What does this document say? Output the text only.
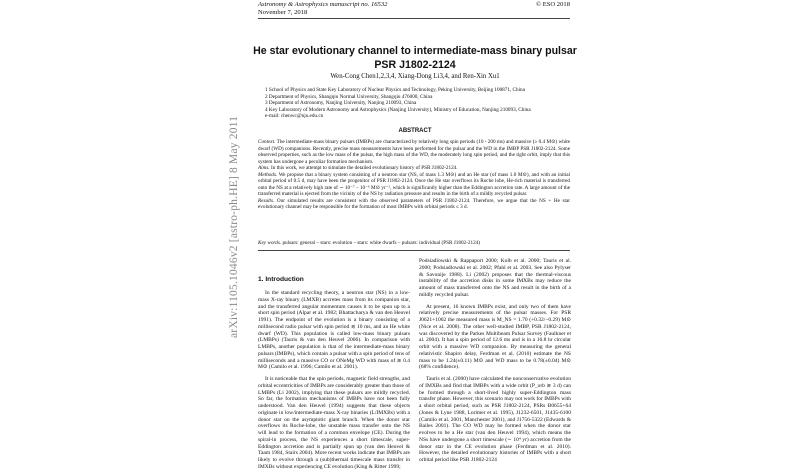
Astronomy & Astrophysics manuscript no. 16532
November 7, 2018
© ESO 2018
arXiv:1105.1046v2 [astro-ph.HE] 8 May 2011
He star evolutionary channel to intermediate-mass binary pulsar PSR J1802-2124
Wen-Cong Chen1,2,3,4, Xiang-Dong Li3,4, and Ren-Xin Xu1
1 School of Physics and State Key Laboratory of Nuclear Physics and Technology, Peking University, Beijing 100871, China
2 Department of Physics, Shangqiu Normal University, Shangqiu 476000, China
3 Department of Astronomy, Nanjing University, Nanjing 210093, China
4 Key Laboratory of Modern Astronomy and Astrophysics (Nanjing University), Ministry of Education, Nanjing 210093, China
e-mail: chenwc@nju.edu.cn
ABSTRACT

Context. The intermediate-mass binary pulsars (IMBPs) are characterized by relatively long spin periods (10 - 200 ms) and massive (≥ 0.4 M⊙) white dwarf (WD) companions. Recently, precise mass measurements have been performed for the pulsar and the WD in the IMBP PSR J1802-2124. Some observed properties, such as the low mass of the pulsar, the high mass of the WD, the moderately long spin period, and the tight orbit, imply that this system has undergone a peculiar formation mechanism.

Aims. In this work, we attempt to simulate the detailed evolutionary history of PSR J1802-2124.

Methods. We propose that a binary system consisting of a neutron star (NS, of mass 1.3 M⊙) and an He star (of mass 1.0 M⊙), and with an initial orbital period of 0.5 d, may have been the progenitor of PSR J1802-2124. Once the He star overflows its Roche lobe, He-rich material is transferred onto the NS at a relatively high rate of ∼ 10⁻⁷ – 10⁻⁶ M⊙ yr⁻¹, which is significantly higher than the Eddington accretion rate. A large amount of the transferred material is ejected from the vicinity of the NS by radiation pressure and results in the birth of a mildly recycled pulsar.

Results. Our simulated results are consistent with the observed parameters of PSR J1802-2124. Therefore, we argue that the NS + He star evolutionary channel may be responsible for the formation of most IMBPs with orbital periods ≤ 3 d.

Key words. pulsars: general – stars: evolution – stars: white dwarfs – pulsars: individual (PSR J1802-2124)
1. Introduction

In the standard recycling theory, a neutron star (NS) in a low-mass X-ray binary (LMXB) accretes mass from its companion star, and the transferred angular momentum causes it to be spun up to a short spin period (Alpar et al. 1982; Bhattacharya & van den Heuvel 1991). The endpoint of the evolution is a binary consisting of a millisecond radio pulsar with spin period ≲ 10 ms, and an He white dwarf (WD). This population is called low-mass binary pulsars (LMBPs) (Tauris & van den Heuvel 2006). In comparison with LMBPs, another population is that of the intermediate-mass binary pulsars (IMBPs), which contain a pulsar with a spin period of tens of milliseconds and a massive CO or ONeMg WD with mass of ≳ 0.4 M⊙ (Camilo et al. 1996; Camilo et al. 2001).

It is noticeable that the spin periods, magnetic field strengths, and orbital eccentricities of IMBPs are considerably greater than those of LMBPs (Li 2002), implying that these pulsars are mildly recycled. So far, the formation mechanisms of IMBPs have not been fully understood. Van den Heuvel (1994) suggests that these objects originate in low/intermediate-mass X-ray binaries (L/IMXBs) with a donor star on the asymptotic giant branch. When the donor star overflows its Roche-lobe, the unstable mass transfer onto the NS will lead to the formation of a common envelope (CE). During the spiral-in process, the NS experiences a short timescale, super-Eddington accretion and is partially spun up (van den Heuvel & Taam 1984, Stairs 2004). More recent works indicate that IMBPs are likely to evolve through a (sub)thermal timescale mass transfer in IMXBs without experiencing CE evolution (King & Ritter 1999;

Podsiadlowski & Rappaport 2000; Kolb et al. 2000; Tauris et al. 2000; Podsiadlowski et al. 2002; Pfahl et al. 2003. See also Pylyser & Savonije 1988). Li (2002) proposes that the thermal-viscous instability of the accretion disks in some IMXBs may reduce the amount of mass transferred onto the NS and result in the birth of a mildly recycled pulsar.

At present, 16 known IMBPs exist, and only two of them have relatively precise measurements of the pulsar masses. For PSR J0621+1002 the measured mass is M_NS = 1.70 (+0.32/−0.29) M⊙ (Nice et al. 2008). The other well-studied IMBP, PSR J1802-2124, was discovered by the Parkes Multibeam Pulsar Survey (Faulkner et al. 2004). It has a spin period of 12.6 ms and is in a 16.8 hr circular orbit with a massive WD companion. By measuring the general relativistic Shapiro delay, Ferdman et al. (2010) estimate the NS mass to be 1.24(±0.11) M⊙ and WD mass to be 0.78(±0.04) M⊙ (68% confidence).

Tauris et al. (2000) have calculated the nonconservative evolution of IMXBs and find that IMBPs with a wide orbit (P_orb ≳ 3 d) can be formed through a short-lived highly super-Eddington mass transfer phase. However, this scenario may not work for IMBPs with a short orbital period, such as PSR J1802-2124, PSRs B0655+64 (Jones & Lyne 1988, Lorimer et al. 1995), J1232-6501, J1435-6100 (Camilo et al. 2001, Manchester 2001), and J1756-5322 (Edwards & Bailes 2001). The CO WD may be formed when the donor star evolves to be a He star (van den Heuvel 1994), which means the NSs have undergone a short timescale (∼ 10⁴ yr) accretion from the donor star in the CE evolution phase (Ferdman et al. 2010). However, the detailed evolutionary histories of IMBPs with a short orbital period like PSR J1802-2124
